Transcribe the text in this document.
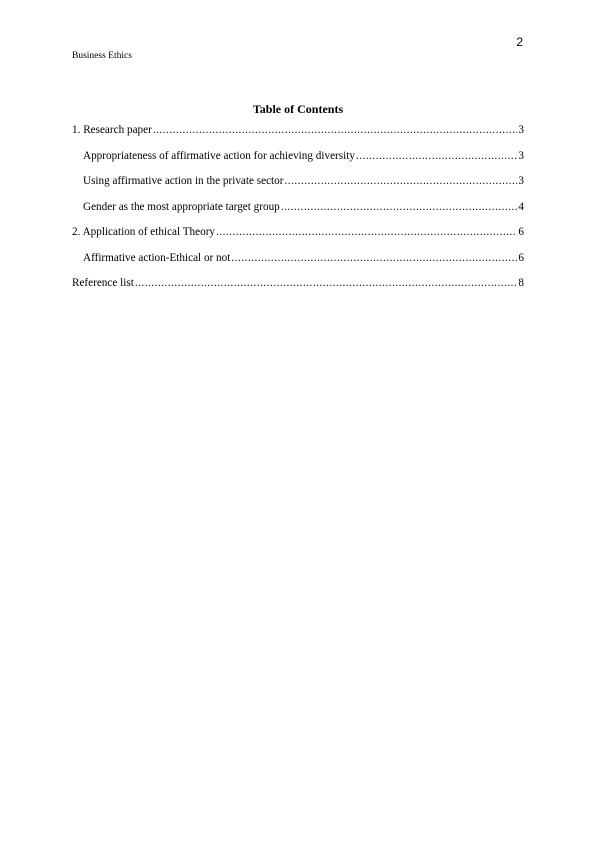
2
Business Ethics
Table of Contents
1. Research paper .....	3
Appropriateness of affirmative action for achieving diversity .....	3
Using affirmative action in the private sector .....	3
Gender as the most appropriate target group .....	4
2. Application of ethical Theory .....	6
Affirmative action-Ethical or not .....	6
Reference list .....	8
